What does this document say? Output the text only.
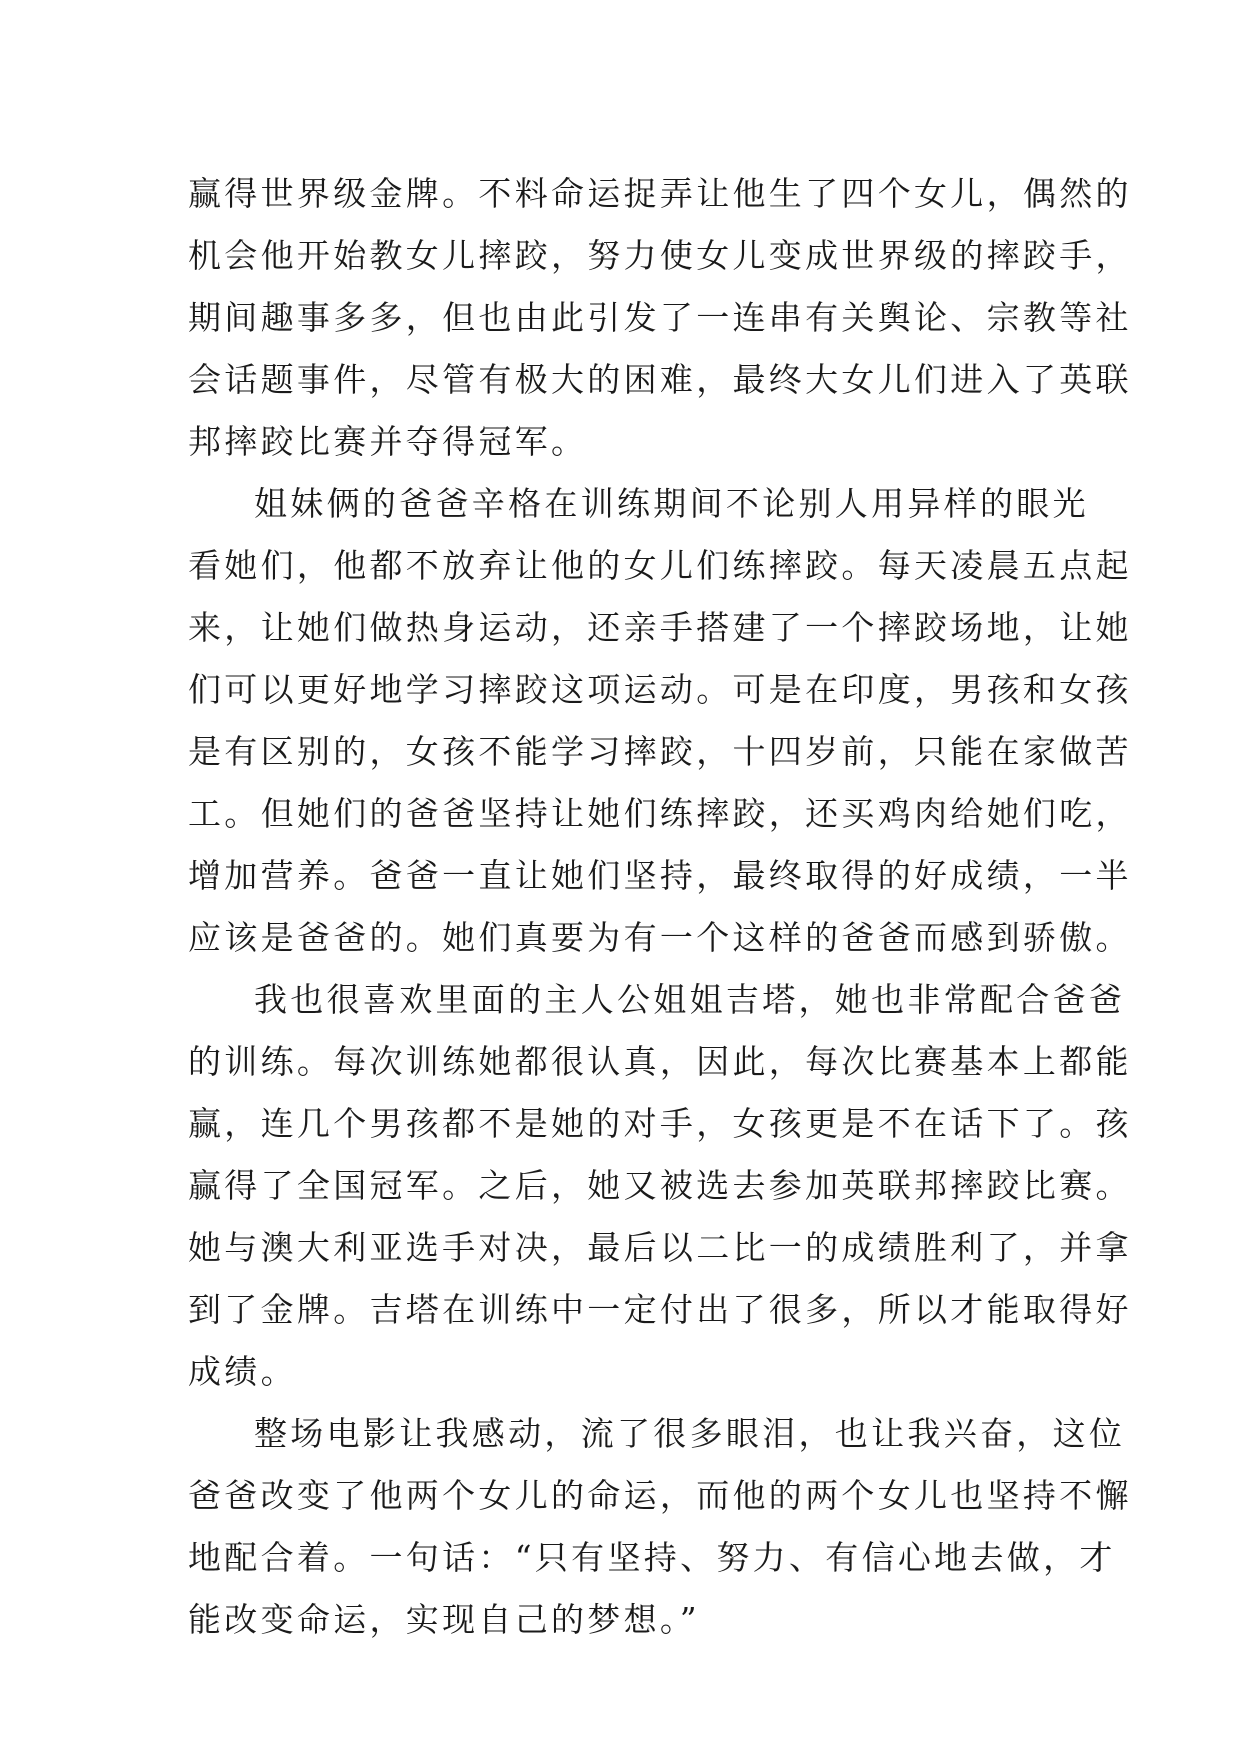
赢得世界级金牌。不料命运捉弄让他生了四个女儿，偶然的
机会他开始教女儿摔跤，努力使女儿变成世界级的摔跤手，
期间趣事多多，但也由此引发了一连串有关舆论、宗教等社
会话题事件，尽管有极大的困难，最终大女儿们进入了英联
邦摔跤比赛并夺得冠军。
姐妹俩的爸爸辛格在训练期间不论别人用异样的眼光
看她们，他都不放弃让他的女儿们练摔跤。每天凌晨五点起
来，让她们做热身运动，还亲手搭建了一个摔跤场地，让她
们可以更好地学习摔跤这项运动。可是在印度，男孩和女孩
是有区别的，女孩不能学习摔跤，十四岁前，只能在家做苦
工。但她们的爸爸坚持让她们练摔跤，还买鸡肉给她们吃，
增加营养。爸爸一直让她们坚持，最终取得的好成绩，一半
应该是爸爸的。她们真要为有一个这样的爸爸而感到骄傲。
我也很喜欢里面的主人公姐姐吉塔，她也非常配合爸爸
的训练。每次训练她都很认真，因此，每次比赛基本上都能
赢，连几个男孩都不是她的对手，女孩更是不在话下了。孩
赢得了全国冠军。之后，她又被选去参加英联邦摔跤比赛。
她与澳大利亚选手对决，最后以二比一的成绩胜利了，并拿
到了金牌。吉塔在训练中一定付出了很多，所以才能取得好
成绩。
整场电影让我感动，流了很多眼泪，也让我兴奋，这位
爸爸改变了他两个女儿的命运，而他的两个女儿也坚持不懈
地配合着。一句话：“只有坚持、努力、有信心地去做，才
能改变命运，实现自己的梦想。”
